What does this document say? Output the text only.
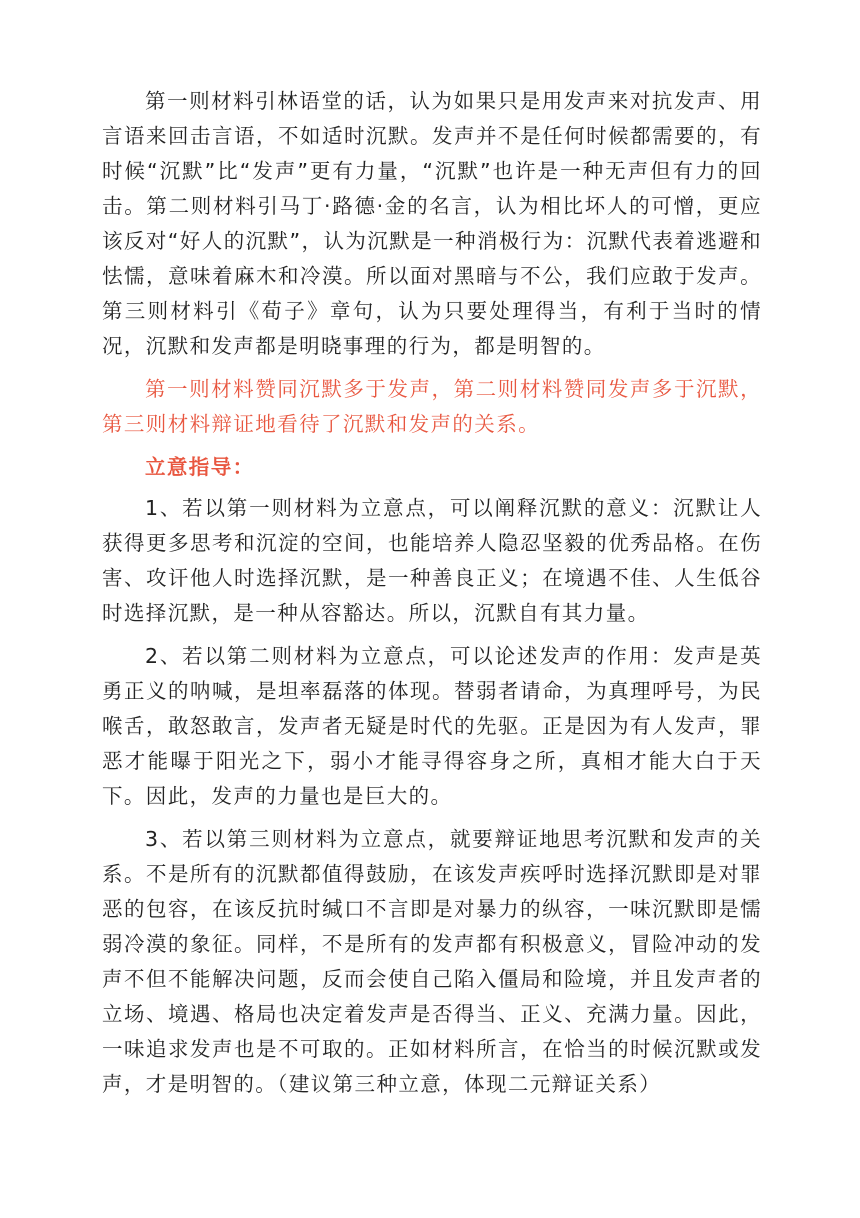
第一则材料引林语堂的话，认为如果只是用发声来对抗发声、用言语来回击言语，不如适时沉默。发声并不是任何时候都需要的，有时候“沉默”比“发声”更有力量，“沉默”也许是一种无声但有力的回击。第二则材料引马丁·路德·金的名言，认为相比坏人的可憎，更应该反对“好人的沉默”，认为沉默是一种消极行为：沉默代表着逃避和怯懦，意味着麻木和冷漠。所以面对黑暗与不公，我们应敢于发声。第三则材料引《荀子》章句，认为只要处理得当，有利于当时的情况，沉默和发声都是明晓事理的行为，都是明智的。

第一则材料赞同沉默多于发声，第二则材料赞同发声多于沉默，第三则材料辩证地看待了沉默和发声的关系。

立意指导：

1、若以第一则材料为立意点，可以阐释沉默的意义：沉默让人获得更多思考和沉淀的空间，也能培养人隐忍坚毅的优秀品格。在伤害、攻讦他人时选择沉默，是一种善良正义；在境遇不佳、人生低谷时选择沉默，是一种从容豁达。所以，沉默自有其力量。

2、若以第二则材料为立意点，可以论述发声的作用：发声是英勇正义的呐喊，是坦率磊落的体现。替弱者请命，为真理呼号，为民喉舌，敢怒敢言，发声者无疑是时代的先驱。正是因为有人发声，罪恶才能曝于阳光之下，弱小才能寻得容身之所，真相才能大白于天下。因此，发声的力量也是巨大的。

3、若以第三则材料为立意点，就要辩证地思考沉默和发声的关系。不是所有的沉默都值得鼓励，在该发声疾呼时选择沉默即是对罪恶的包容，在该反抗时缄口不言即是对暴力的纵容，一味沉默即是懦弱冷漠的象征。同样，不是所有的发声都有积极意义，冒险冲动的发声不但不能解决问题，反而会使自己陷入僵局和险境，并且发声者的立场、境遇、格局也决定着发声是否得当、正义、充满力量。因此，一味追求发声也是不可取的。正如材料所言，在恰当的时候沉默或发声，才是明智的。（建议第三种立意，体现二元辩证关系）
